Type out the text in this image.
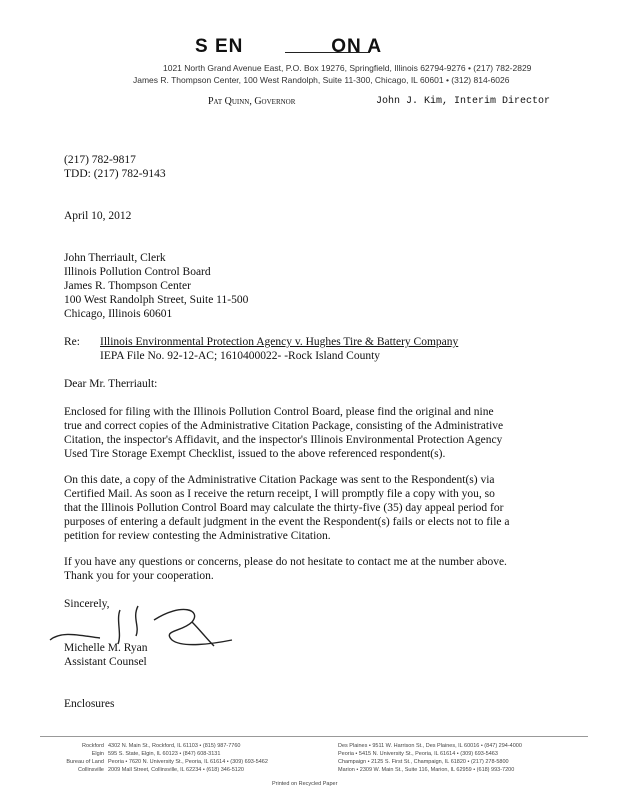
S EN              ON A
1021 North Grand Avenue East, P.O. Box 19276, Springfield, Illinois 62794-9276 • (217) 782-2829
James R. Thompson Center, 100 West Randolph, Suite 11-300, Chicago, IL 60601 • (312) 814-6026
Pat Quinn, Governor	John J. Kim, Interim Director
(217) 782-9817
TDD: (217) 782-9143
April 10, 2012
John Therriault, Clerk
Illinois Pollution Control Board
James R. Thompson Center
100 West Randolph Street, Suite 11-500
Chicago, Illinois 60601
Re: Illinois Environmental Protection Agency v. Hughes Tire & Battery Company
IEPA File No. 92-12-AC; 1610400022- -Rock Island County
Dear Mr. Therriault:
Enclosed for filing with the Illinois Pollution Control Board, please find the original and nine
true and correct copies of the Administrative Citation Package, consisting of the Administrative
Citation, the inspector's Affidavit, and the inspector's Illinois Environmental Protection Agency
Used Tire Storage Exempt Checklist, issued to the above referenced respondent(s).
On this date, a copy of the Administrative Citation Package was sent to the Respondent(s) via
Certified Mail. As soon as I receive the return receipt, I will promptly file a copy with you, so
that the Illinois Pollution Control Board may calculate the thirty-five (35) day appeal period for
purposes of entering a default judgment in the event the Respondent(s) fails or elects not to file a
petition for review contesting the Administrative Citation.
If you have any questions or concerns, please do not hesitate to contact me at the number above.
Thank you for your cooperation.
Sincerely,
Michelle M. Ryan
Assistant Counsel
Enclosures
Rockford
Elgin
Bureau of Land
Collinsville
4302 N. Main St., Rockford, IL 61103 • (815) 987-7760
595 S. State, Elgin, IL 60123 • (847) 608-3131
Peoria • 7620 N. University St., Peoria, IL 61614 • (309) 693-5462
2009 Mall Street, Collinsville, IL 62234 • (618) 346-5120
Des Plaines • 9511 W. Harrison St., Des Plaines, IL 60016 • (847) 294-4000
Peoria • 5415 N. University St., Peoria, IL 61614 • (309) 693-5463
Champaign • 2125 S. First St., Champaign, IL 61820 • (217) 278-5800
Marion • 2309 W. Main St., Suite 116, Marion, IL 62959 • (618) 993-7200
Printed on Recycled Paper
